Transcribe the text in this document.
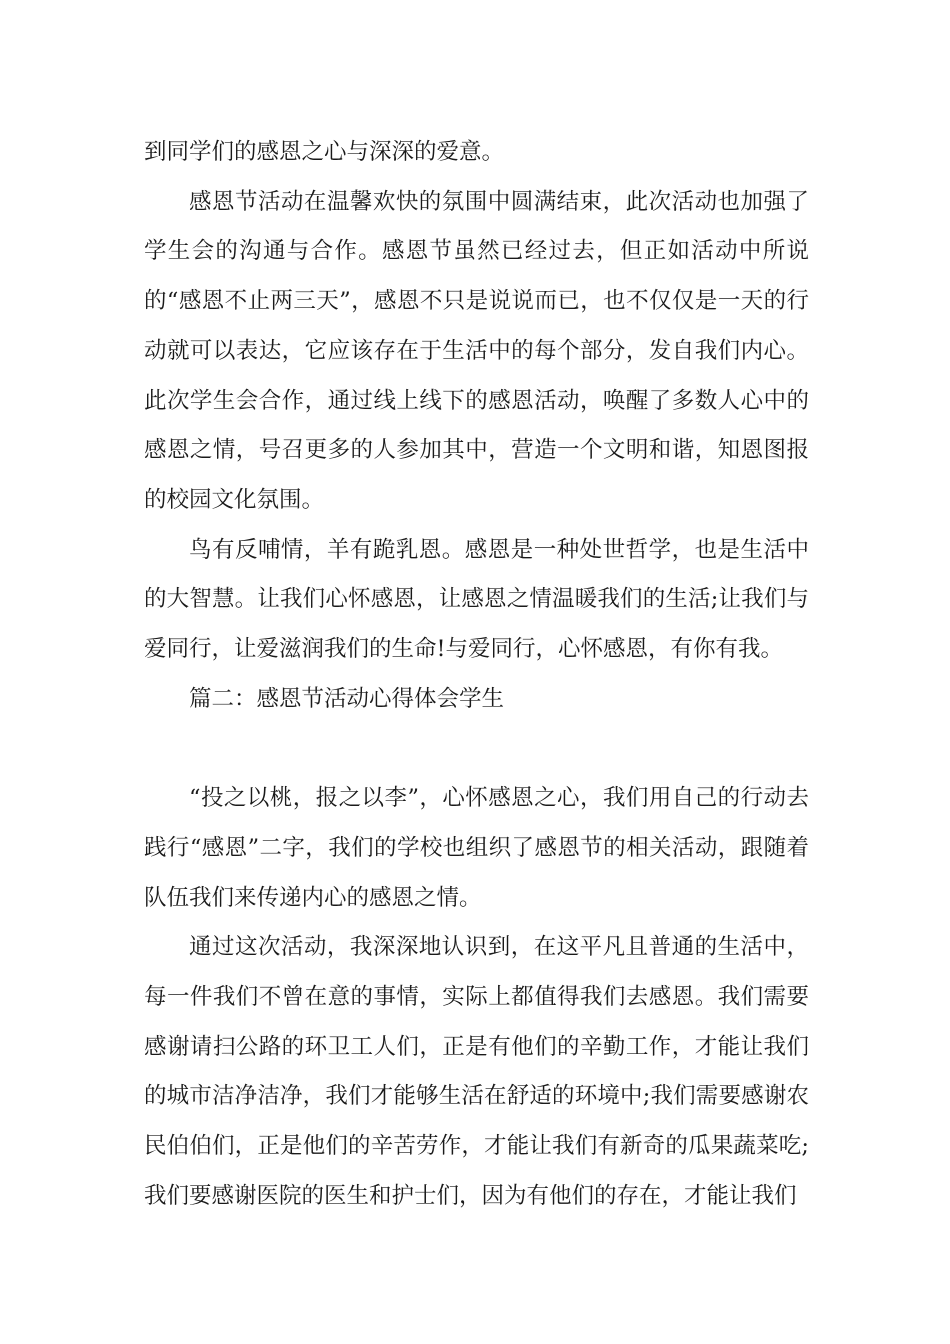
到同学们的感恩之心与深深的爱意。

感恩节活动在温馨欢快的氛围中圆满结束，此次活动也加强了学生会的沟通与合作。感恩节虽然已经过去，但正如活动中所说的“感恩不止两三天”，感恩不只是说说而已，也不仅仅是一天的行动就可以表达，它应该存在于生活中的每个部分，发自我们内心。此次学生会合作，通过线上线下的感恩活动，唤醒了多数人心中的感恩之情，号召更多的人参加其中，营造一个文明和谐，知恩图报的校园文化氛围。

鸟有反哺情，羊有跪乳恩。感恩是一种处世哲学，也是生活中的大智慧。让我们心怀感恩，让感恩之情温暖我们的生活;让我们与爱同行，让爱滋润我们的生命!与爱同行，心怀感恩，有你有我。

篇二：感恩节活动心得体会学生

“投之以桃，报之以李”，心怀感恩之心，我们用自己的行动去践行“感恩”二字，我们的学校也组织了感恩节的相关活动，跟随着队伍我们来传递内心的感恩之情。

通过这次活动，我深深地认识到，在这平凡且普通的生活中，每一件我们不曾在意的事情，实际上都值得我们去感恩。我们需要感谢请扫公路的环卫工人们，正是有他们的辛勤工作，才能让我们的城市洁净洁净，我们才能够生活在舒适的环境中;我们需要感谢农民伯伯们，正是他们的辛苦劳作，才能让我们有新奇的瓜果蔬菜吃;我们要感谢医院的医生和护士们，因为有他们的存在，才能让我们
